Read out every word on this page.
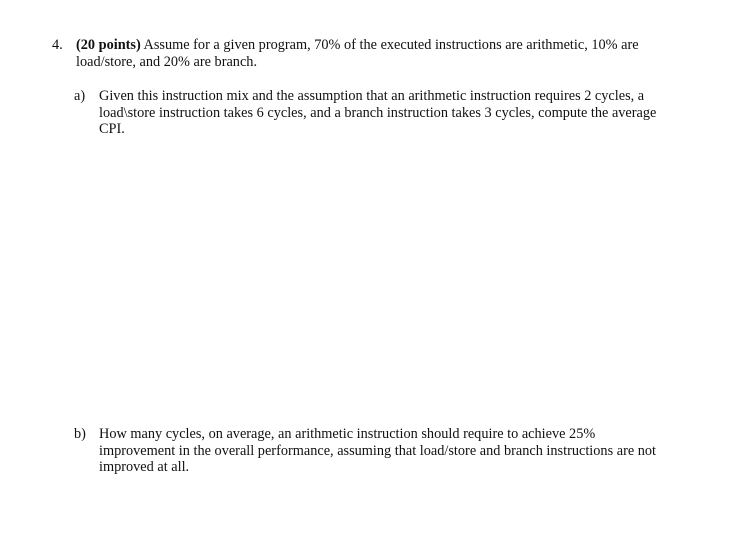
4. (20 points) Assume for a given program, 70% of the executed instructions are arithmetic, 10% are
load/store, and 20% are branch.
a) Given this instruction mix and the assumption that an arithmetic instruction requires 2 cycles, a
load\store instruction takes 6 cycles, and a branch instruction takes 3 cycles, compute the average
CPI.
b) How many cycles, on average, an arithmetic instruction should require to achieve 25%
improvement in the overall performance, assuming that load/store and branch instructions are not
improved at all.
